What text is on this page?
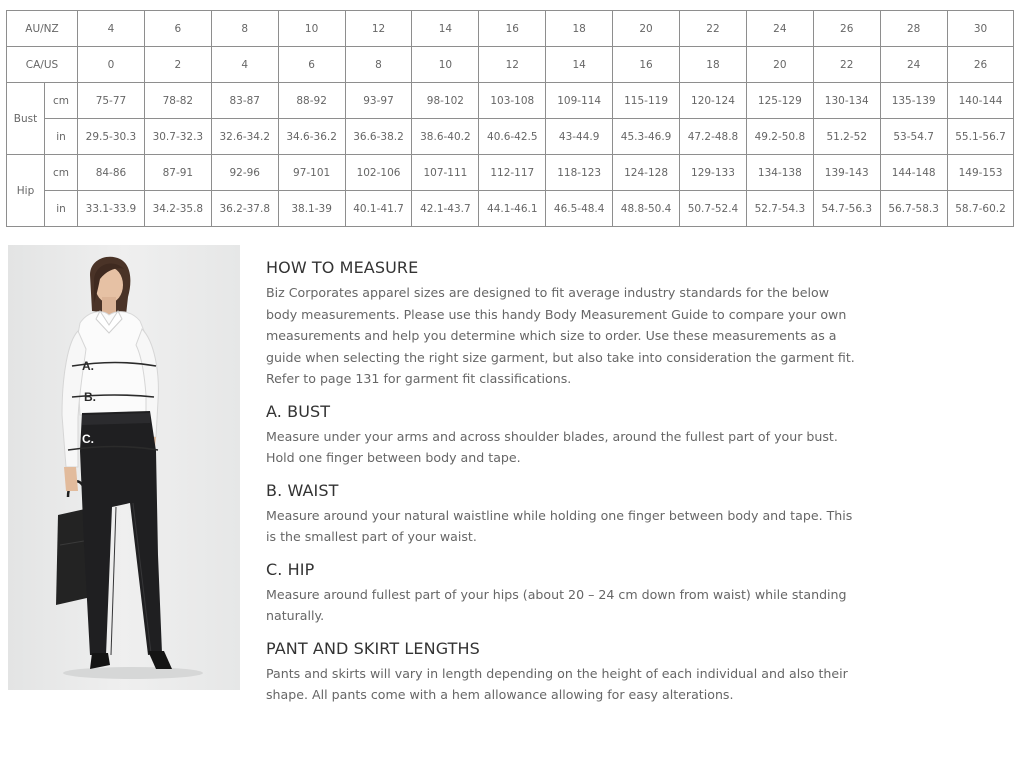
AU/NZ		4	6	8	10	12	14	16	18	20	22	24	26	28	30
CA/US		0	2	4	6	8	10	12	14	16	18	20	22	24	26
Bust	cm	75-77	78-82	83-87	88-92	93-97	98-102	103-108	109-114	115-119	120-124	125-129	130-134	135-139	140-144
	in	29.5-30.3	30.7-32.3	32.6-34.2	34.6-36.2	36.6-38.2	38.6-40.2	40.6-42.5	43-44.9	45.3-46.9	47.2-48.8	49.2-50.8	51.2-52	53-54.7	55.1-56.7
Hip	cm	84-86	87-91	92-96	97-101	102-106	107-111	112-117	118-123	124-128	129-133	134-138	139-143	144-148	149-153
	in	33.1-33.9	34.2-35.8	36.2-37.8	38.1-39	40.1-41.7	42.1-43.7	44.1-46.1	46.5-48.4	48.8-50.4	50.7-52.4	52.7-54.3	54.7-56.3	56.7-58.3	58.7-60.2
A.
B.
C.
HOW TO MEASURE

Biz Corporates apparel sizes are designed to fit average industry standards for the below body measurements. Please use this handy Body Measurement Guide to compare your own measurements and help you determine which size to order. Use these measurements as a guide when selecting the right size garment, but also take into consideration the garment fit. Refer to page 131 for garment fit classifications.

A. BUST

Measure under your arms and across shoulder blades, around the fullest part of your bust. Hold one finger between body and tape.

B. WAIST

Measure around your natural waistline while holding one finger between body and tape. This is the smallest part of your waist.

C. HIP

Measure around fullest part of your hips (about 20 – 24 cm down from waist) while standing naturally.

PANT AND SKIRT LENGTHS

Pants and skirts will vary in length depending on the height of each individual and also their shape. All pants come with a hem allowance allowing for easy alterations.
